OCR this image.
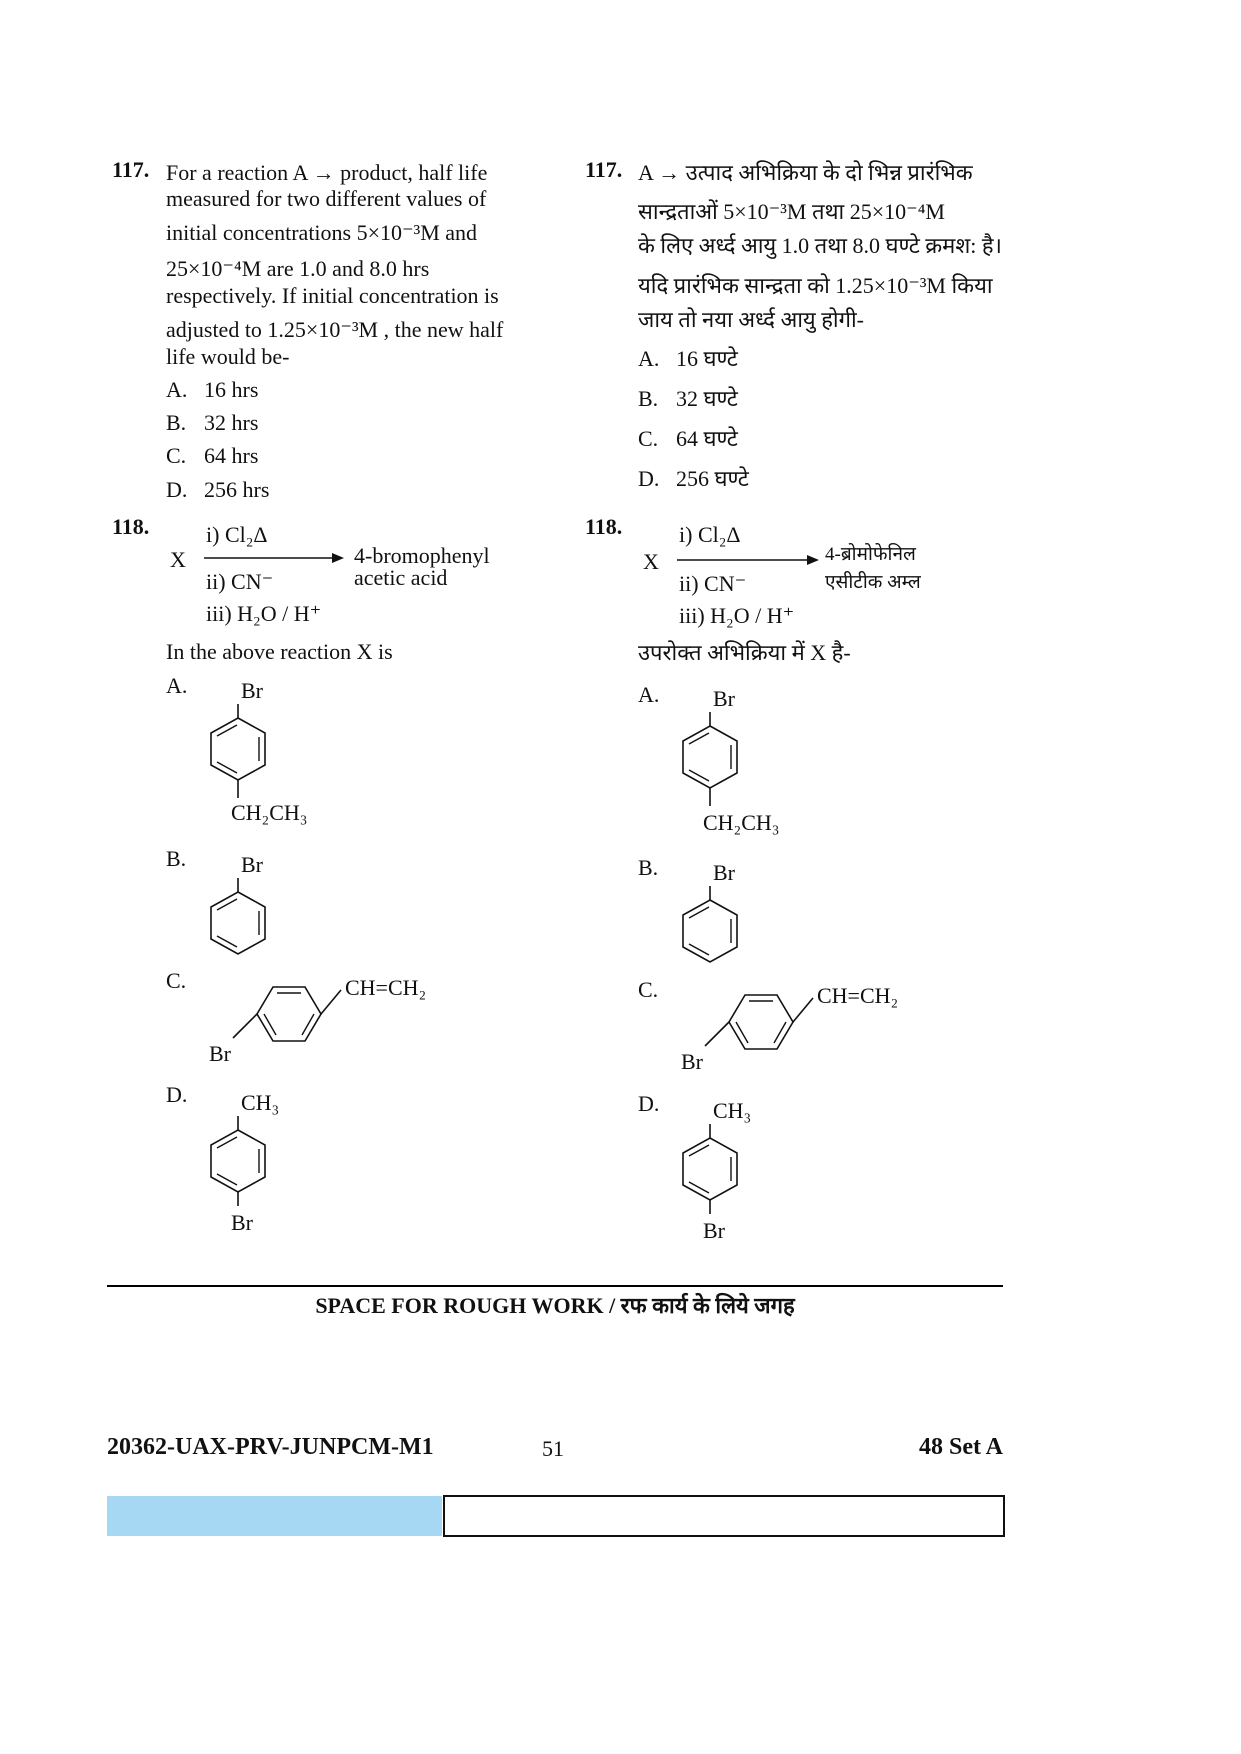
117. For a reaction A → product, half life
measured for two different values of
initial concentrations 5×10⁻³M and
25×10⁻⁴M are 1.0 and 8.0 hrs
respectively. If initial concentration is
adjusted to 1.25×10⁻³M , the new half
life would be-
A. 16 hrs
B. 32 hrs
C. 64 hrs
D. 256 hrs
118.
X
i) Cl₂Δ
ii) CN⁻
iii) H₂O / H⁺
4-bromophenyl
acetic acid
In the above reaction X is
A. Br
CH₂CH₃
B. Br
C.	CH=CH₂
Br
D. CH₃
Br
117. A → उत्पाद अभिक्रिया के दो भिन्न प्रारंभिक
सान्द्रताओं 5×10⁻³M तथा 25×10⁻⁴M
के लिए अर्ध्द आयु 1.0 तथा 8.0 घण्टे क्रमश: है।
यदि प्रारंभिक सान्द्रता को 1.25×10⁻³M किया
जाय तो नया अर्ध्द आयु होगी-
A. 16 घण्टे
B. 32 घण्टे
C. 64 घण्टे
D. 256 घण्टे
118.
X
i) Cl₂Δ
ii) CN⁻
iii) H₂O / H⁺
4-ब्रोमोफेनिल
एसीटीक अम्ल
उपरोक्त अभिक्रिया में X है-
A. Br
CH₂CH₃
B. Br
C.	CH=CH₂
Br
D. CH₃
Br
SPACE FOR ROUGH WORK / रफ कार्य के लिये जगह
20362-UAX-PRV-JUNPCM-M1	51	48 Set A
